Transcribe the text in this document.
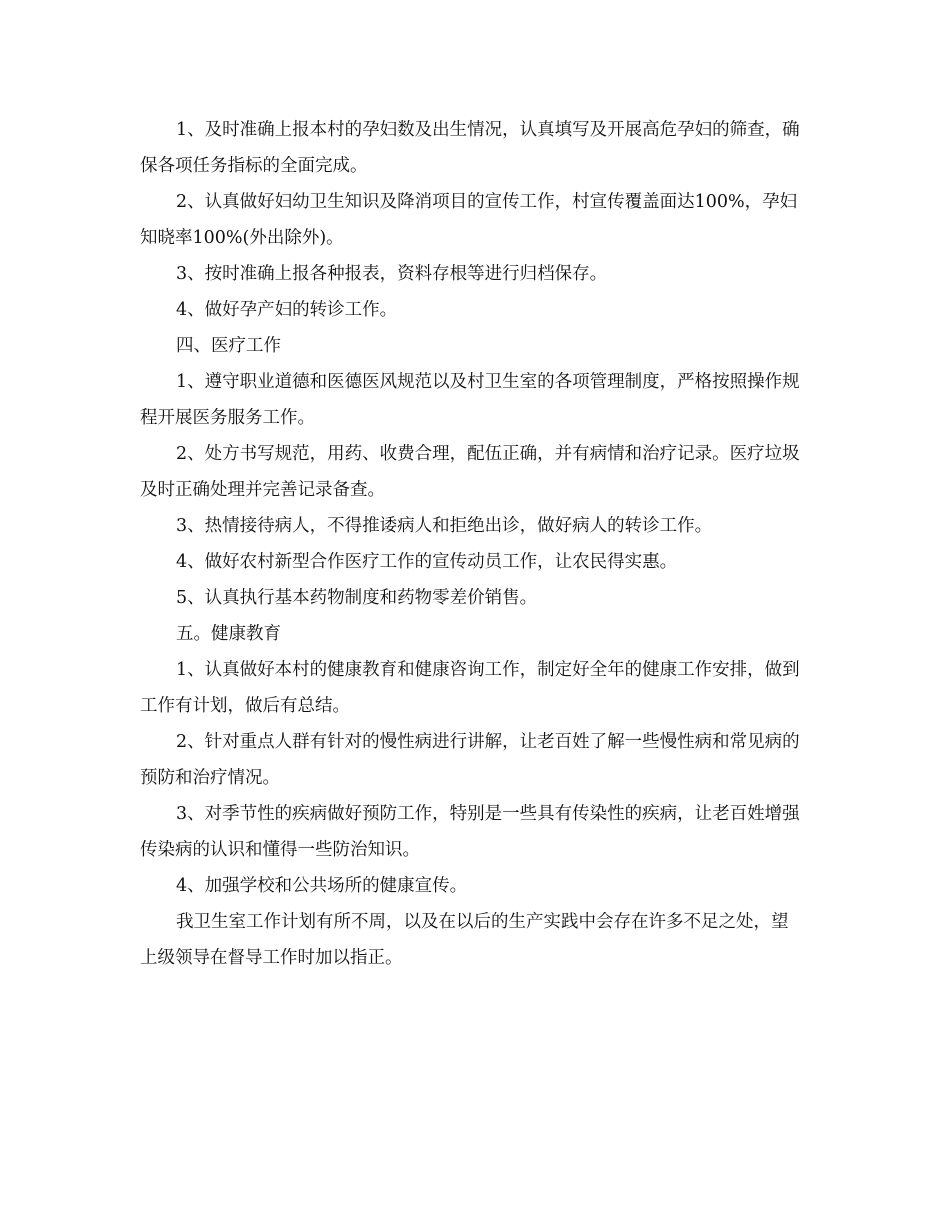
1、及时准确上报本村的孕妇数及出生情况，认真填写及开展高危孕妇的筛查，确保各项任务指标的全面完成。

2、认真做好妇幼卫生知识及降消项目的宣传工作，村宣传覆盖面达100%，孕妇知晓率100%(外出除外)。

3、按时准确上报各种报表，资料存根等进行归档保存。

4、做好孕产妇的转诊工作。

四、医疗工作

1、遵守职业道德和医德医风规范以及村卫生室的各项管理制度，严格按照操作规程开展医务服务工作。

2、处方书写规范，用药、收费合理，配伍正确，并有病情和治疗记录。医疗垃圾及时正确处理并完善记录备查。

3、热情接待病人，不得推诿病人和拒绝出诊，做好病人的转诊工作。

4、做好农村新型合作医疗工作的宣传动员工作，让农民得实惠。

5、认真执行基本药物制度和药物零差价销售。

五。健康教育

1、认真做好本村的健康教育和健康咨询工作，制定好全年的健康工作安排，做到工作有计划，做后有总结。

2、针对重点人群有针对的慢性病进行讲解，让老百姓了解一些慢性病和常见病的预防和治疗情况。

3、对季节性的疾病做好预防工作，特别是一些具有传染性的疾病，让老百姓增强传染病的认识和懂得一些防治知识。

4、加强学校和公共场所的健康宣传。

我卫生室工作计划有所不周，以及在以后的生产实践中会存在许多不足之处，望上级领导在督导工作时加以指正。
